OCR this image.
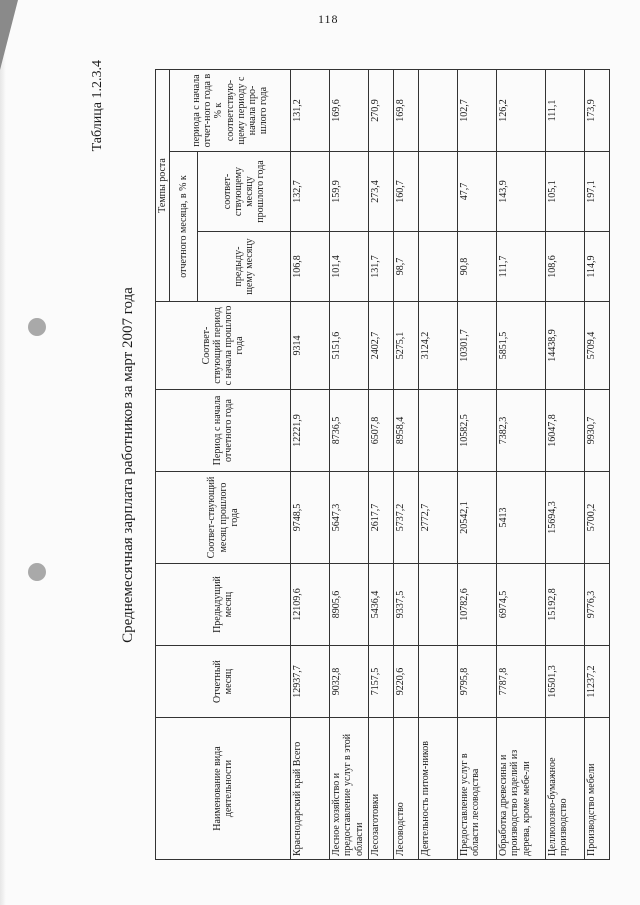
118
Таблица 1.2.3.4
Среднемесячная зарплата работников за март 2007 года
Наименование вида деятельности	Отчетный месяц	Предыдущий месяц	Соответ-ствующий месяц прошлого года	Период с начала отчетного года	Соответ-ствующий период с начала прошлого года	Темпы роста		
						отчетного месяца, в % к		периода с начала отчет-ного года в % к соответствую-щему периоду с начала про-шлого года
						предыду-щему месяцу	соответ-ствующему месяцу прошлого года	
Краснодарский край Всего	12937,7	12109,6	9748,5	12221,9	9314	106,8	132,7	131,2
Лесное хозяйство и предоставление услуг в этой области	9032,8	8905,6	5647,3	8736,5	5151,6	101,4	159,9	169,6
Лесозаготовки	7157,5	5436,4	2617,7	6507,8	2402,7	131,7	273,4	270,9
Лесоводство	9220,6	9337,5	5737,2	8958,4	5275,1	98,7	160,7	169,8
Деятельность питом-ников			2772,7		3124,2			
Предоставление услуг в области лесоводства	9795,8	10782,6	20542,1	10582,5	10301,7	90,8	47,7	102,7
Обработка древесины и производство изделий из дерева, кроме мебе-ли	7787,8	6974,5	5413	7382,3	5851,5	111,7	143,9	126,2
Целлюлозно-бумажное производство	16501,3	15192,8	15694,3	16047,8	14438,9	108,6	105,1	111,1
Производство мебели	11237,2	9776,3	5700,2	9930,7	5709,4	114,9	197,1	173,9
